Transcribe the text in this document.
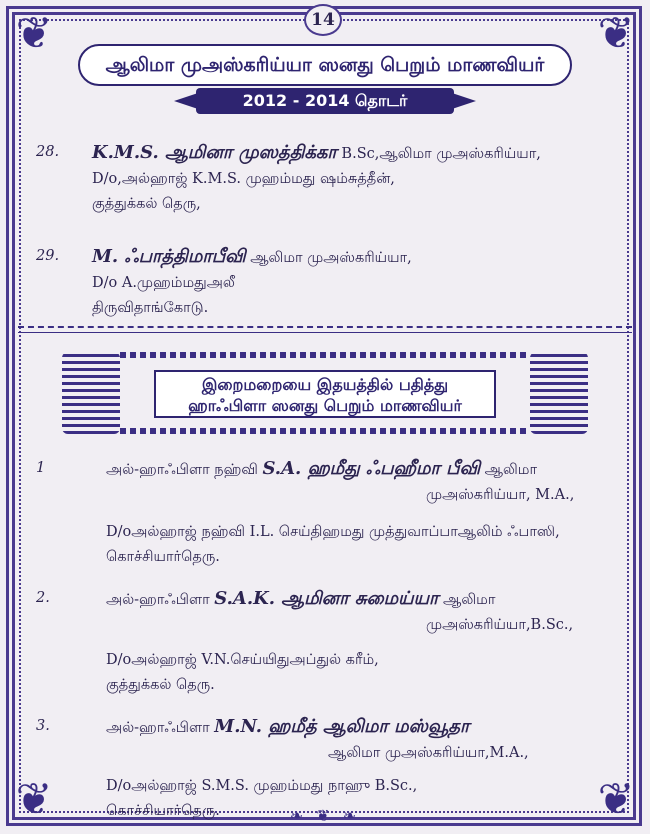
❦	❦
❦	❦
14
ஆலிமா முஅஸ்கரிய்யா ஸனது பெறும் மாணவியர்
2012 - 2014 தொடர்
28.	K.M.S. ஆமினா முஸத்திக்கா B.Sc,ஆலிமா முஅஸ்கரிய்யா,
D/o,அல்ஹாஜ் K.M.S. முஹம்மது ஷம்சுத்தீன்,
குத்துக்கல் தெரு,
29.	M. ஃபாத்திமாபீவி ஆலிமா முஅஸ்கரிய்யா,
D/o A.முஹம்மதுஅலீ
திருவிதாங்கோடு.
இறைமறையை இதயத்தில் பதித்து
ஹாஃபிளா ஸனது பெறும் மாணவியர்
1	அல்-ஹாஃபிளா நஹ்வி S.A. ஹமீது ஃபஹீமா பீவி ஆலிமா
முஅஸ்கரிய்யா, M.A.,
D/oஅல்ஹாஜ் நஹ்வி I.L. செய்திஹமது முத்துவாப்பாஆலிம் ஃபாஸி,
கொச்சியார்தெரு.
2.	அல்-ஹாஃபிளா S.A.K. ஆமினா சுமைய்யா ஆலிமா
முஅஸ்கரிய்யா,B.Sc.,
D/oஅல்ஹாஜ் V.N.செய்யிதுஅப்துல் கரீம்,
குத்துக்கல் தெரு.
3.	அல்-ஹாஃபிளா M.N. ஹமீத் ஆலிமா மஸ்வூதா
ஆலிமா முஅஸ்கரிய்யா,M.A.,
D/oஅல்ஹாஜ் S.M.S. முஹம்மது நாஹு B.Sc.,
கொச்சியார்தெரு.	❧ ❦ ❧
